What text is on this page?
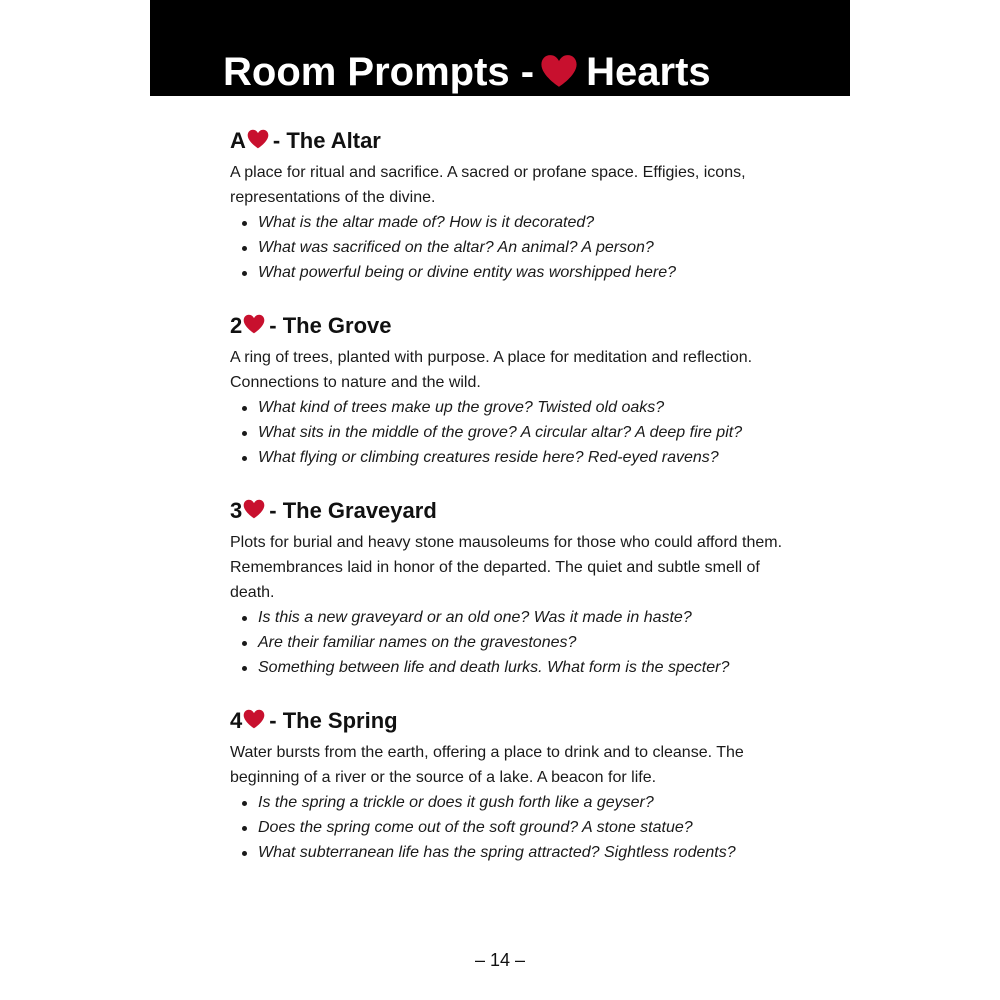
Room Prompts - Hearts
A - The Altar

A place for ritual and sacrifice. A sacred or profane space. Effigies, icons, representations of the divine.

What is the altar made of? How is it decorated?
What was sacrificed on the altar? An animal? A person?
What powerful being or divine entity was worshipped here?
2 - The Grove

A ring of trees, planted with purpose. A place for meditation and reflection. Connections to nature and the wild.

What kind of trees make up the grove? Twisted old oaks?
What sits in the middle of the grove? A circular altar? A deep fire pit?
What flying or climbing creatures reside here? Red-eyed ravens?
3 - The Graveyard

Plots for burial and heavy stone mausoleums for those who could afford them. Remembrances laid in honor of the departed. The quiet and subtle smell of death.

Is this a new graveyard or an old one? Was it made in haste?
Are their familiar names on the gravestones?
Something between life and death lurks. What form is the specter?
4 - The Spring

Water bursts from the earth, offering a place to drink and to cleanse. The beginning of a river or the source of a lake. A beacon for life.

Is the spring a trickle or does it gush forth like a geyser?
Does the spring come out of the soft ground? A stone statue?
What subterranean life has the spring attracted? Sightless rodents?
– 14 –
